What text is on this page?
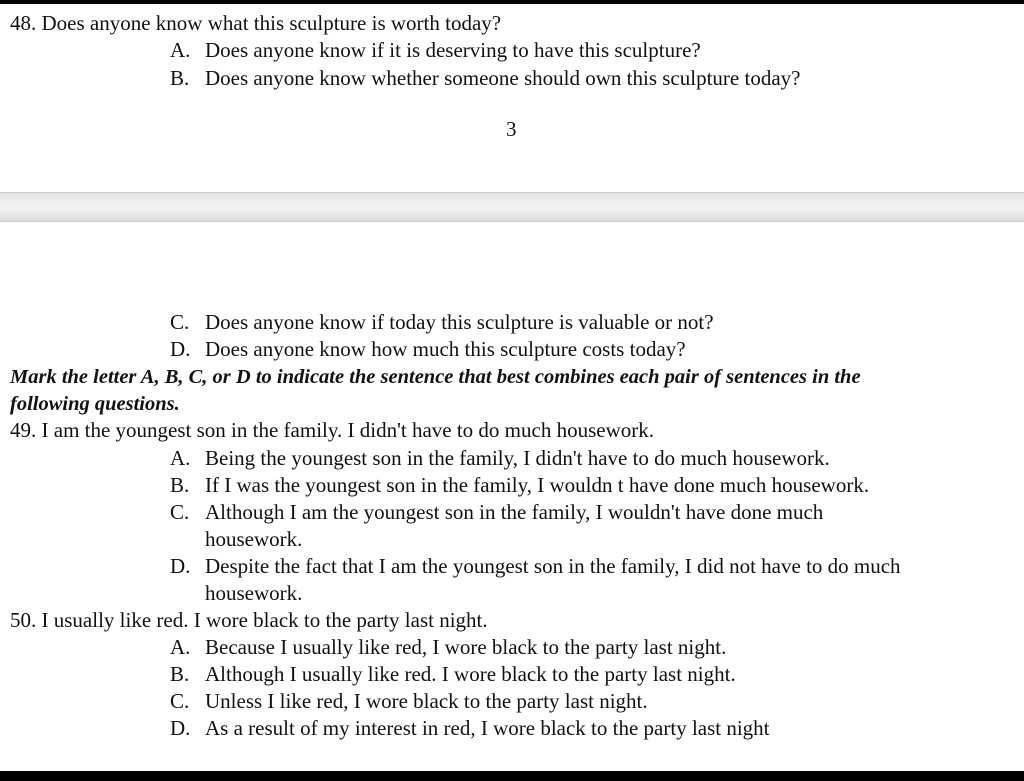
48. Does anyone know what this sculpture is worth today?
A. Does anyone know if it is deserving to have this sculpture?
B. Does anyone know whether someone should own this sculpture today?
3
C. Does anyone know if today this sculpture is valuable or not?
D. Does anyone know how much this sculpture costs today?
Mark the letter A, B, C, or D to indicate the sentence that best combines each pair of sentences in the
following questions.
49. I am the youngest son in the family. I didn't have to do much housework.
A. Being the youngest son in the family, I didn't have to do much housework.
B. If I was the youngest son in the family, I wouldn t have done much housework.
C. Although I am the youngest son in the family, I wouldn't have done much
housework.
D. Despite the fact that I am the youngest son in the family, I did not have to do much
housework.
50. I usually like red. I wore black to the party last night.
A. Because I usually like red, I wore black to the party last night.
B. Although I usually like red. I wore black to the party last night.
C. Unless I like red, I wore black to the party last night.
D. As a result of my interest in red, I wore black to the party last night
